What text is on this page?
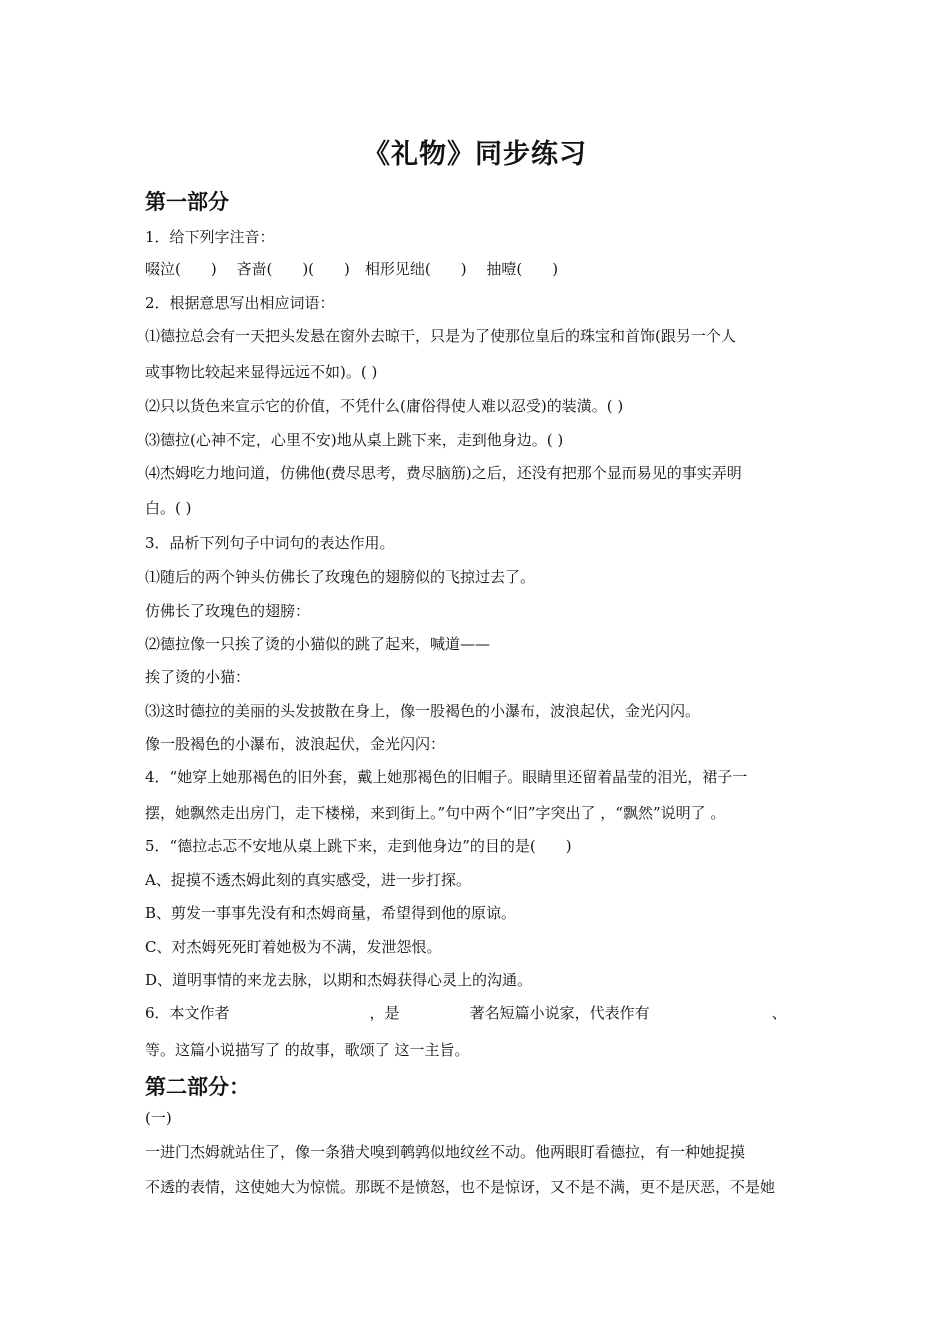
《礼物》同步练习
第一部分
1．给下列字注音：
啜泣(　　)　 吝啬(　　)(　　)　相形见绌(　　)　 抽噎(　　)
2．根据意思写出相应词语：
⑴德拉总会有一天把头发悬在窗外去晾干，只是为了使那位皇后的珠宝和首饰(跟另一个人
或事物比较起来显得远远不如)。( )
⑵只以货色来宣示它的价值，不凭什么(庸俗得使人难以忍受)的装潢。( )
⑶德拉(心神不定，心里不安)地从桌上跳下来，走到他身边。( )
⑷杰姆吃力地问道，仿佛他(费尽思考，费尽脑筋)之后，还没有把那个显而易见的事实弄明
白。( )
3．品析下列句子中词句的表达作用。
⑴随后的两个钟头仿佛长了玫瑰色的翅膀似的飞掠过去了。
仿佛长了玫瑰色的翅膀：
⑵德拉像一只挨了烫的小猫似的跳了起来，喊道——
挨了烫的小猫：
⑶这时德拉的美丽的头发披散在身上，像一股褐色的小瀑布，波浪起伏，金光闪闪。
像一股褐色的小瀑布，波浪起伏，金光闪闪：
4．“她穿上她那褐色的旧外套，戴上她那褐色的旧帽子。眼睛里还留着晶莹的泪光，裙子一
摆，她飘然走出房门，走下楼梯，来到街上。”句中两个“旧”字突出了 ，“飘然”说明了 。
5．“德拉忐忑不安地从桌上跳下来，走到他身边”的目的是(　　)
A、捉摸不透杰姆此刻的真实感受，进一步打探。
B、剪发一事事先没有和杰姆商量，希望得到他的原谅。
C、对杰姆死死盯着她极为不满，发泄怨恨。
D、道明事情的来龙去脉，以期和杰姆获得心灵上的沟通。
6．本文作者	，是	著名短篇小说家，代表作有	、
等。这篇小说描写了 的故事，歌颂了 这一主旨。
第二部分：
(一)
一进门杰姆就站住了，像一条猎犬嗅到鹌鹑似地纹丝不动。他两眼盯看德拉，有一种她捉摸
不透的表情，这使她大为惊慌。那既不是愤怒，也不是惊讶，又不是不满，更不是厌恶，不是她
